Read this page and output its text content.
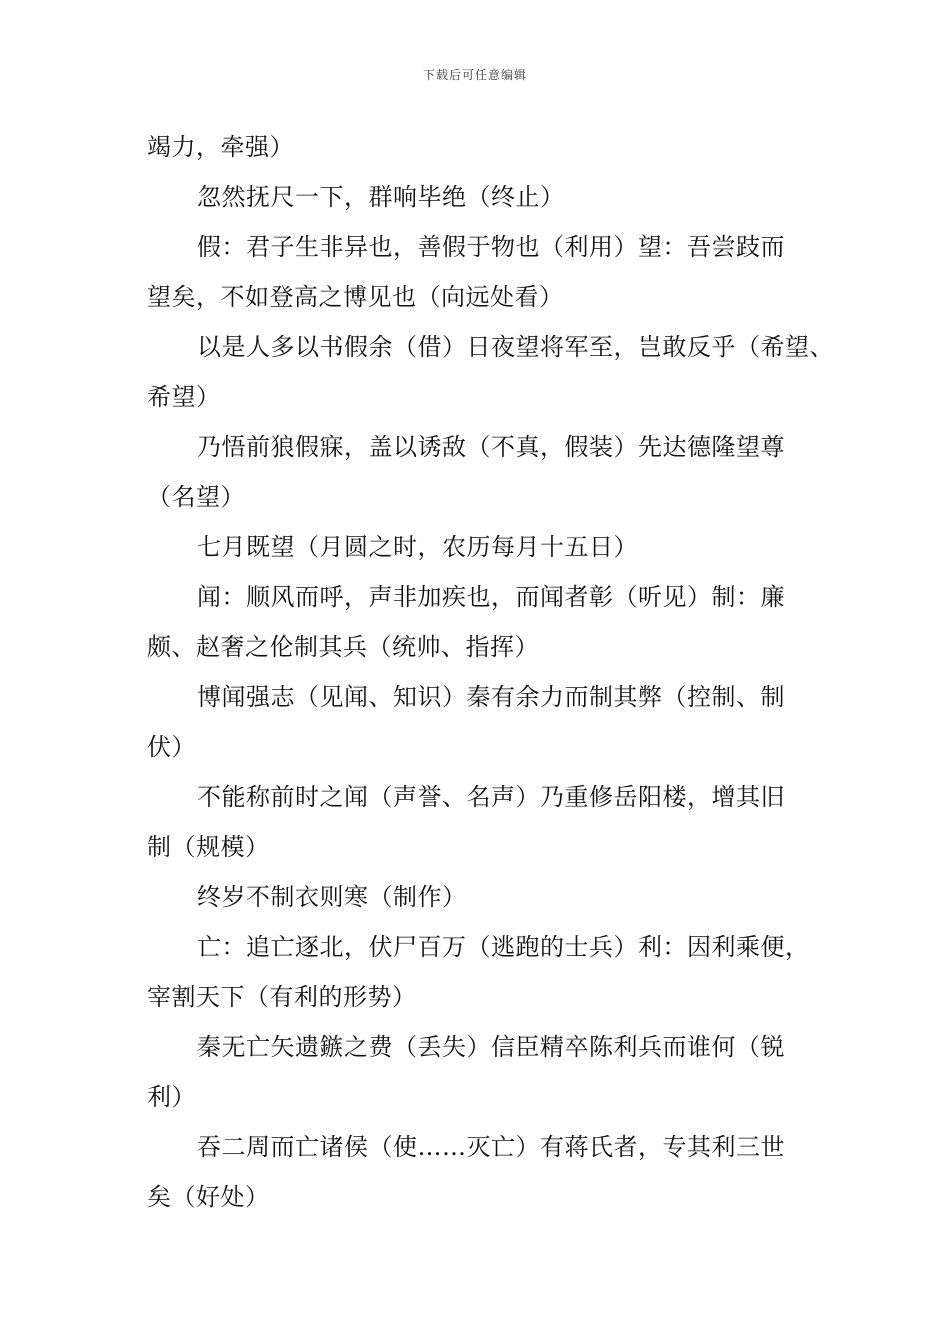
下载后可任意编辑
竭力，牵强）
忽然抚尺一下，群响毕绝（终止）
假：君子生非异也，善假于物也（利用）望：吾尝跂而
望矣，不如登高之博见也（向远处看）
以是人多以书假余（借）日夜望将军至，岂敢反乎（希望、
希望）
乃悟前狼假寐，盖以诱敌（不真，假装）先达德隆望尊
（名望）
七月既望（月圆之时，农历每月十五日）
闻：顺风而呼，声非加疾也，而闻者彰（听见）制：廉
颇、赵奢之伦制其兵（统帅、指挥）
博闻强志（见闻、知识）秦有余力而制其弊（控制、制
伏）
不能称前时之闻（声誉、名声）乃重修岳阳楼，增其旧
制（规模）
终岁不制衣则寒（制作）
亡：追亡逐北，伏尸百万（逃跑的士兵）利：因利乘便，
宰割天下（有利的形势）
秦无亡矢遗鏃之费（丢失）信臣精卒陈利兵而谁何（锐
利）
吞二周而亡诸侯（使……灭亡）有蒋氏者，专其利三世
矣（好处）
